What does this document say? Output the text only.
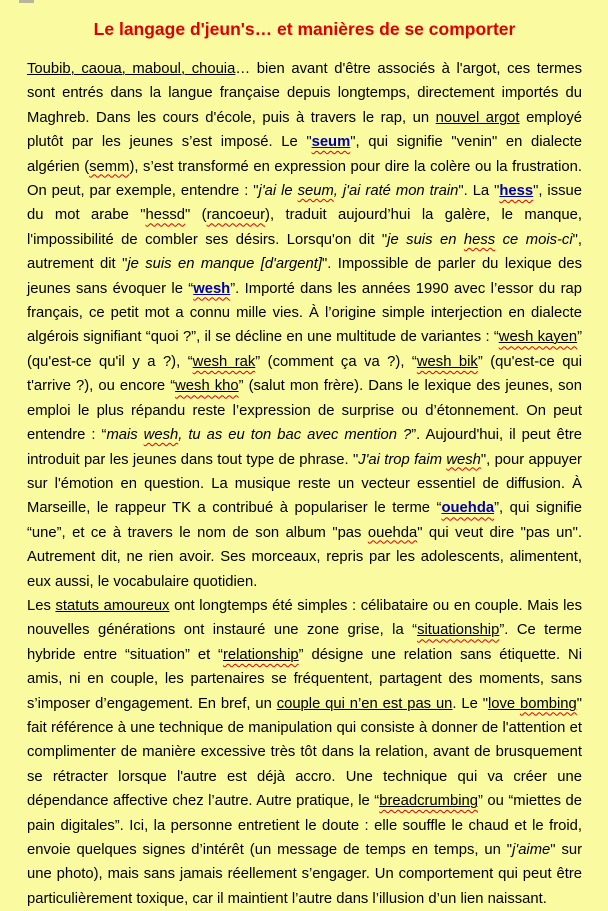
Le langage d'jeun's… et manières de se comporter

Toubib, caoua, maboul, chouia… bien avant d'être associés à l'argot, ces termes sont entrés dans la langue française depuis longtemps, directement importés du Maghreb. Dans les cours d'école, puis à travers le rap, un nouvel argot employé plutôt par les jeunes s’est imposé. Le "seum", qui signifie "venin" en dialecte algérien (semm), s’est transformé en expression pour dire la colère ou la frustration. On peut, par exemple, entendre : "j'ai le seum, j'ai raté mon train". La "hess", issue du mot arabe "hessd" (rancoeur), traduit aujourd’hui la galère, le manque, l'impossibilité de combler ses désirs. Lorsqu'on dit "je suis en hess ce mois-ci", autrement dit "je suis en manque [d'argent]". Impossible de parler du lexique des jeunes sans évoquer le “wesh”. Importé dans les années 1990 avec l’essor du rap français, ce petit mot a connu mille vies. À l’origine simple interjection en dialecte algérois signifiant “quoi ?”, il se décline en une multitude de variantes : “wesh kayen” (qu'est-ce qu'il y a ?), “wesh rak” (comment ça va ?), “wesh bik” (qu'est-ce qui t'arrive ?), ou encore “wesh kho” (salut mon frère). Dans le lexique des jeunes, son emploi le plus répandu reste l’expression de surprise ou d’étonnement. On peut entendre : “mais wesh, tu as eu ton bac avec mention ?”. Aujourd'hui, il peut être introduit par les jeunes dans tout type de phrase. "J'ai trop faim wesh", pour appuyer sur l'émotion en question. La musique reste un vecteur essentiel de diffusion. À Marseille, le rappeur TK a contribué à populariser le terme “ouehda”, qui signifie “une”, et ce à travers le nom de son album "pas ouehda" qui veut dire "pas un". Autrement dit, ne rien avoir. Ses morceaux, repris par les adolescents, alimentent, eux aussi, le vocabulaire quotidien.

Les statuts amoureux ont longtemps été simples : célibataire ou en couple. Mais les nouvelles générations ont instauré une zone grise, la “situationship”. Ce terme hybride entre “situation” et “relationship” désigne une relation sans étiquette. Ni amis, ni en couple, les partenaires se fréquentent, partagent des moments, sans s’imposer d’engagement. En bref, un couple qui n’en est pas un. Le "love bombing" fait référence à une technique de manipulation qui consiste à donner de l'attention et complimenter de manière excessive très tôt dans la relation, avant de brusquement se rétracter lorsque l'autre est déjà accro. Une technique qui va créer une dépendance affective chez l’autre. Autre pratique, le “breadcrumbing” ou “miettes de pain digitales”. Ici, la personne entretient le doute : elle souffle le chaud et le froid, envoie quelques signes d’intérêt (un message de temps en temps, un "j'aime" sur une photo), mais sans jamais réellement s’engager. Un comportement qui peut être particulièrement toxique, car il maintient l’autre dans l’illusion d’un lien naissant.
